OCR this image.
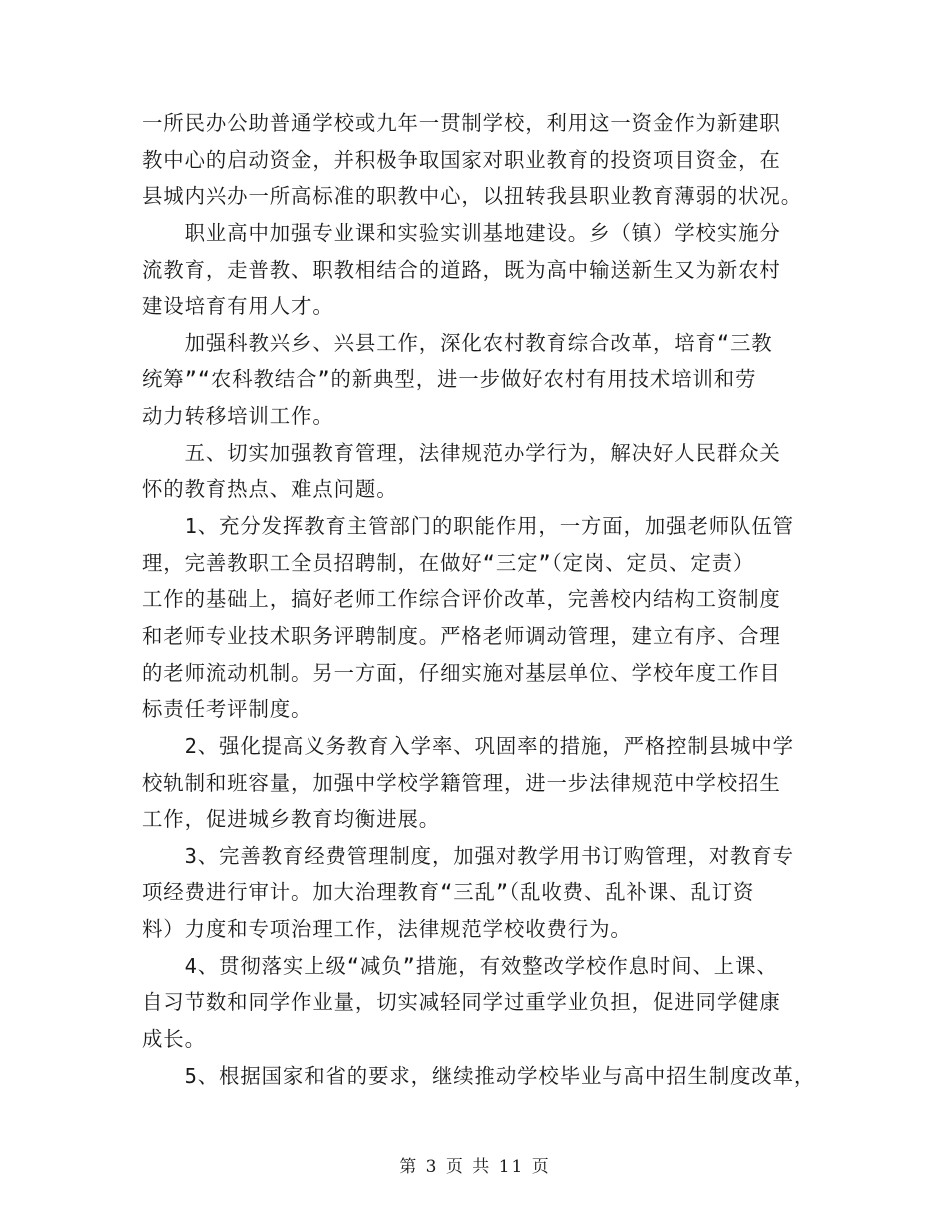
一所民办公助普通学校或九年一贯制学校，利用这一资金作为新建职
教中心的启动资金，并积极争取国家对职业教育的投资项目资金，在
县城内兴办一所高标准的职教中心，以扭转我县职业教育薄弱的状况。
　　职业高中加强专业课和实验实训基地建设。乡（镇）学校实施分
流教育，走普教、职教相结合的道路，既为高中输送新生又为新农村
建设培育有用人才。
　　加强科教兴乡、兴县工作，深化农村教育综合改革，培育“三教
统筹”“农科教结合”的新典型，进一步做好农村有用技术培训和劳
动力转移培训工作。
　　五、切实加强教育管理，法律规范办学行为，解决好人民群众关
怀的教育热点、难点问题。
　　1、充分发挥教育主管部门的职能作用，一方面，加强老师队伍管
理，完善教职工全员招聘制，在做好“三定”（定岗、定员、定责）
工作的基础上，搞好老师工作综合评价改革，完善校内结构工资制度
和老师专业技术职务评聘制度。严格老师调动管理，建立有序、合理
的老师流动机制。另一方面，仔细实施对基层单位、学校年度工作目
标责任考评制度。
　　2、强化提高义务教育入学率、巩固率的措施，严格控制县城中学
校轨制和班容量，加强中学校学籍管理，进一步法律规范中学校招生
工作，促进城乡教育均衡进展。
　　3、完善教育经费管理制度，加强对教学用书订购管理，对教育专
项经费进行审计。加大治理教育“三乱”（乱收费、乱补课、乱订资
料）力度和专项治理工作，法律规范学校收费行为。
　　4、贯彻落实上级“减负”措施，有效整改学校作息时间、上课、
自习节数和同学作业量，切实减轻同学过重学业负担，促进同学健康
成长。
　　5、根据国家和省的要求，继续推动学校毕业与高中招生制度改革，
第 3 页 共 11 页
